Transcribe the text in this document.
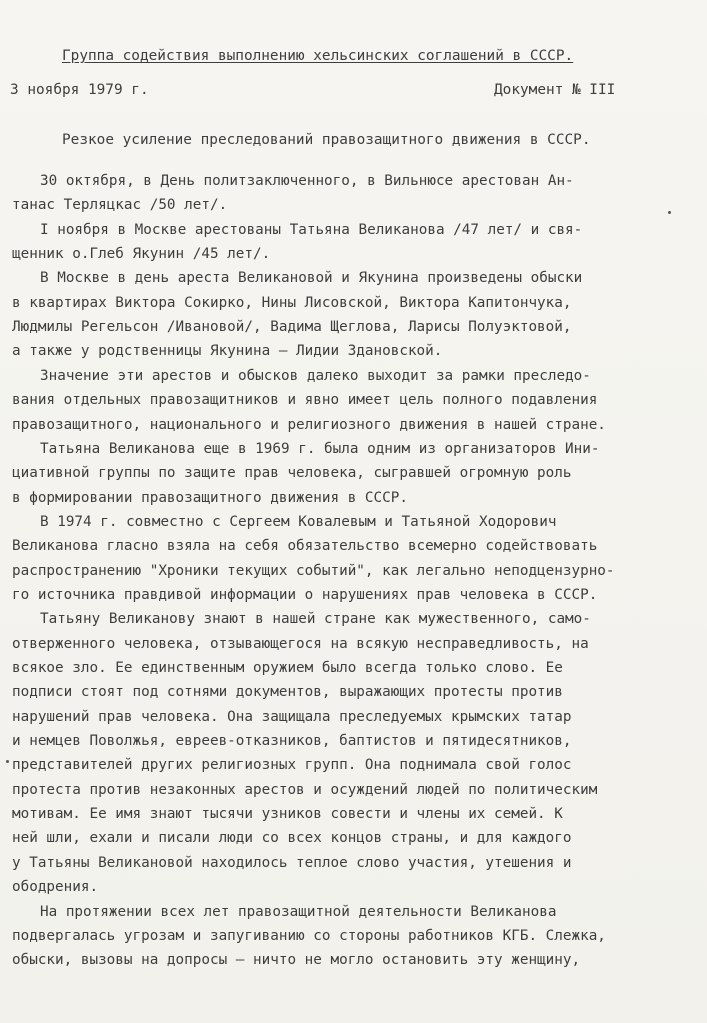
Группа содействия выполнению хельсинских соглашений в СССР.
3 ноября 1979 г.	Документ № III
Резкое усиление преследований правозащитного движения в СССР.
30 октября, в День политзаключенного, в Вильнюсе арестован Ан-
танас Терляцкас /50 лет/.
I ноября в Москве арестованы Татьяна Великанова /47 лет/ и свя-
щенник о.Глеб Якунин /45 лет/.
В Москве в день ареста Великановой и Якунина произведены обыски
в квартирах Виктора Сокирко, Нины Лисовской, Виктора Капитончука,
Людмилы Регельсон /Ивановой/, Вадима Щеглова, Ларисы Полуэктовой,
а также у родственницы Якунина – Лидии Здановской.
Значение эти арестов и обысков далеко выходит за рамки преследо-
вания отдельных правозащитников и явно имеет цель полного подавления
правозащитного, национального и религиозного движения в нашей стране.
Татьяна Великанова еще в 1969 г. была одним из организаторов Ини-
циативной группы по защите прав человека, сыгравшей огромную роль
в формировании правозащитного движения в СССР.
В 1974 г. совместно с Сергеем Ковалевым и Татьяной Ходорович
Великанова гласно взяла на себя обязательство всемерно содействовать
распространению "Хроники текущих событий", как легально неподцензурно-
го источника правдивой информации о нарушениях прав человека в СССР.
Татьяну Великанову знают в нашей стране как мужественного, само-
отверженного человека, отзывающегося на всякую несправедливость, на
всякое зло. Ее единственным оружием было всегда только слово. Ее
подписи стоят под сотнями документов, выражающих протесты против
нарушений прав человека. Она защищала преследуемых крымских татар
и немцев Поволжья, евреев-отказников, баптистов и пятидесятников,
представителей других религиозных групп. Она поднимала свой голос
протеста против незаконных арестов и осуждений людей по политическим
мотивам. Ее имя знают тысячи узников совести и члены их семей. К
ней шли, ехали и писали люди со всех концов страны, и для каждого
у Татьяны Великановой находилось теплое слово участия, утешения и
ободрения.
На протяжении всех лет правозащитной деятельности Великанова
подвергалась угрозам и запугиванию со стороны работников КГБ. Слежка,
обыски, вызовы на допросы – ничто не могло остановить эту женщину,
